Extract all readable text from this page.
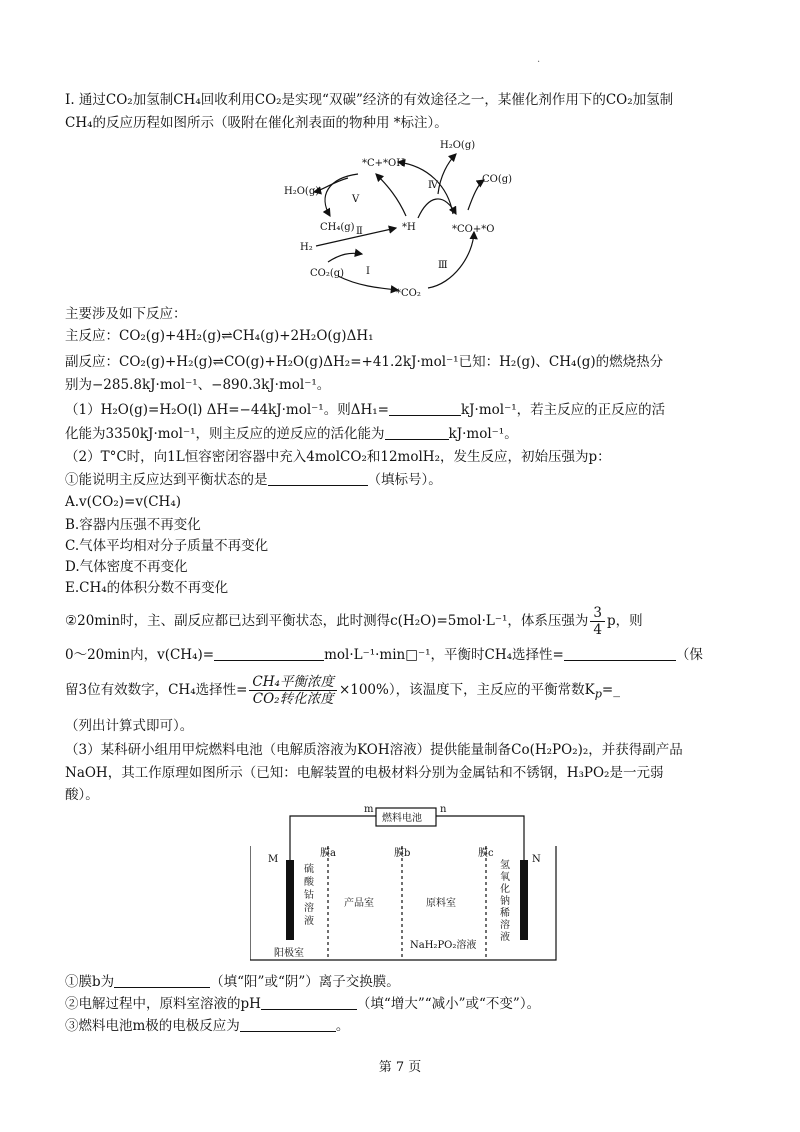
.
I. 通过CO₂加氢制CH₄回收利用CO₂是实现“双碳”经济的有效途径之一，某催化剂作用下的CO₂加氢制
CH₄的反应历程如图所示（吸附在催化剂表面的物种用 *标注）。
H₂O(g)
*C+*OH
CO(g)
H₂O(g)
CH₄(g)	*H	*CO+*O
H₂
CO₂(g)
*CO₂
Ⅳ
Ⅴ
Ⅱ
Ⅲ
Ⅰ
主要涉及如下反应：
主反应：CO₂(g)+4H₂(g)⇌CH₄(g)+2H₂O(g)ΔH₁
副反应：CO₂(g)+H₂(g)⇌CO(g)+H₂O(g)ΔH₂=+41.2kJ·mol⁻¹已知：H₂(g)、CH₄(g)的燃烧热分
别为−285.8kJ·mol⁻¹、−890.3kJ·mol⁻¹。
（1）H₂O(g)=H₂O(l) ΔH=−44kJ·mol⁻¹。则ΔH₁=	kJ·mol⁻¹，若主反应的正反应的活
化能为3350kJ·mol⁻¹，则主反应的逆反应的活化能为	kJ·mol⁻¹。
（2）T°C时，向1L恒容密闭容器中充入4molCO₂和12molH₂，发生反应，初始压强为p：
①能说明主反应达到平衡状态的是	（填标号）。
A.v(CO₂)=v(CH₄)
B.容器内压强不再变化
C.气体平均相对分子质量不再变化
D.气体密度不再变化
E.CH₄的体积分数不再变化
②20min时，主、副反应都已达到平衡状态，此时测得c(H₂O)=5mol·L⁻¹，体系压强为 $\frac{3}{4}$ p，则
0～20min内，v(CH₄)=	mol·L⁻¹·min□⁻¹，平衡时CH₄选择性=	（保
留3位有效数字，CH₄选择性= $\frac{\text{CH₄平衡浓度}}{\text{CO₂转化浓度}} \times 100\%$），该温度下，主反应的平衡常数$K_p=\_$
（列出计算式即可）。
（3）某科研小组用甲烷燃料电池（电解质溶液为KOH溶液）提供能量制备Co(H₂PO₂)₂，并获得副产品
NaOH，其工作原理如图所示（已知：电解装置的电极材料分别为金属钴和不锈钢，H₃PO₂是一元弱
酸）。
燃料电池
m	n
M	N
膜a	膜b	膜c
产品室	原料室
阳极室
NaH₂PO₂溶液
硫酸钴溶液
氢氧化钠稀溶液
①膜b为	（填“阳”或“阴”）离子交换膜。
②电解过程中，原料室溶液的pH	（填“增大”“减小”或“不变”）。
③燃料电池m极的电极反应为	。
第 7 页
